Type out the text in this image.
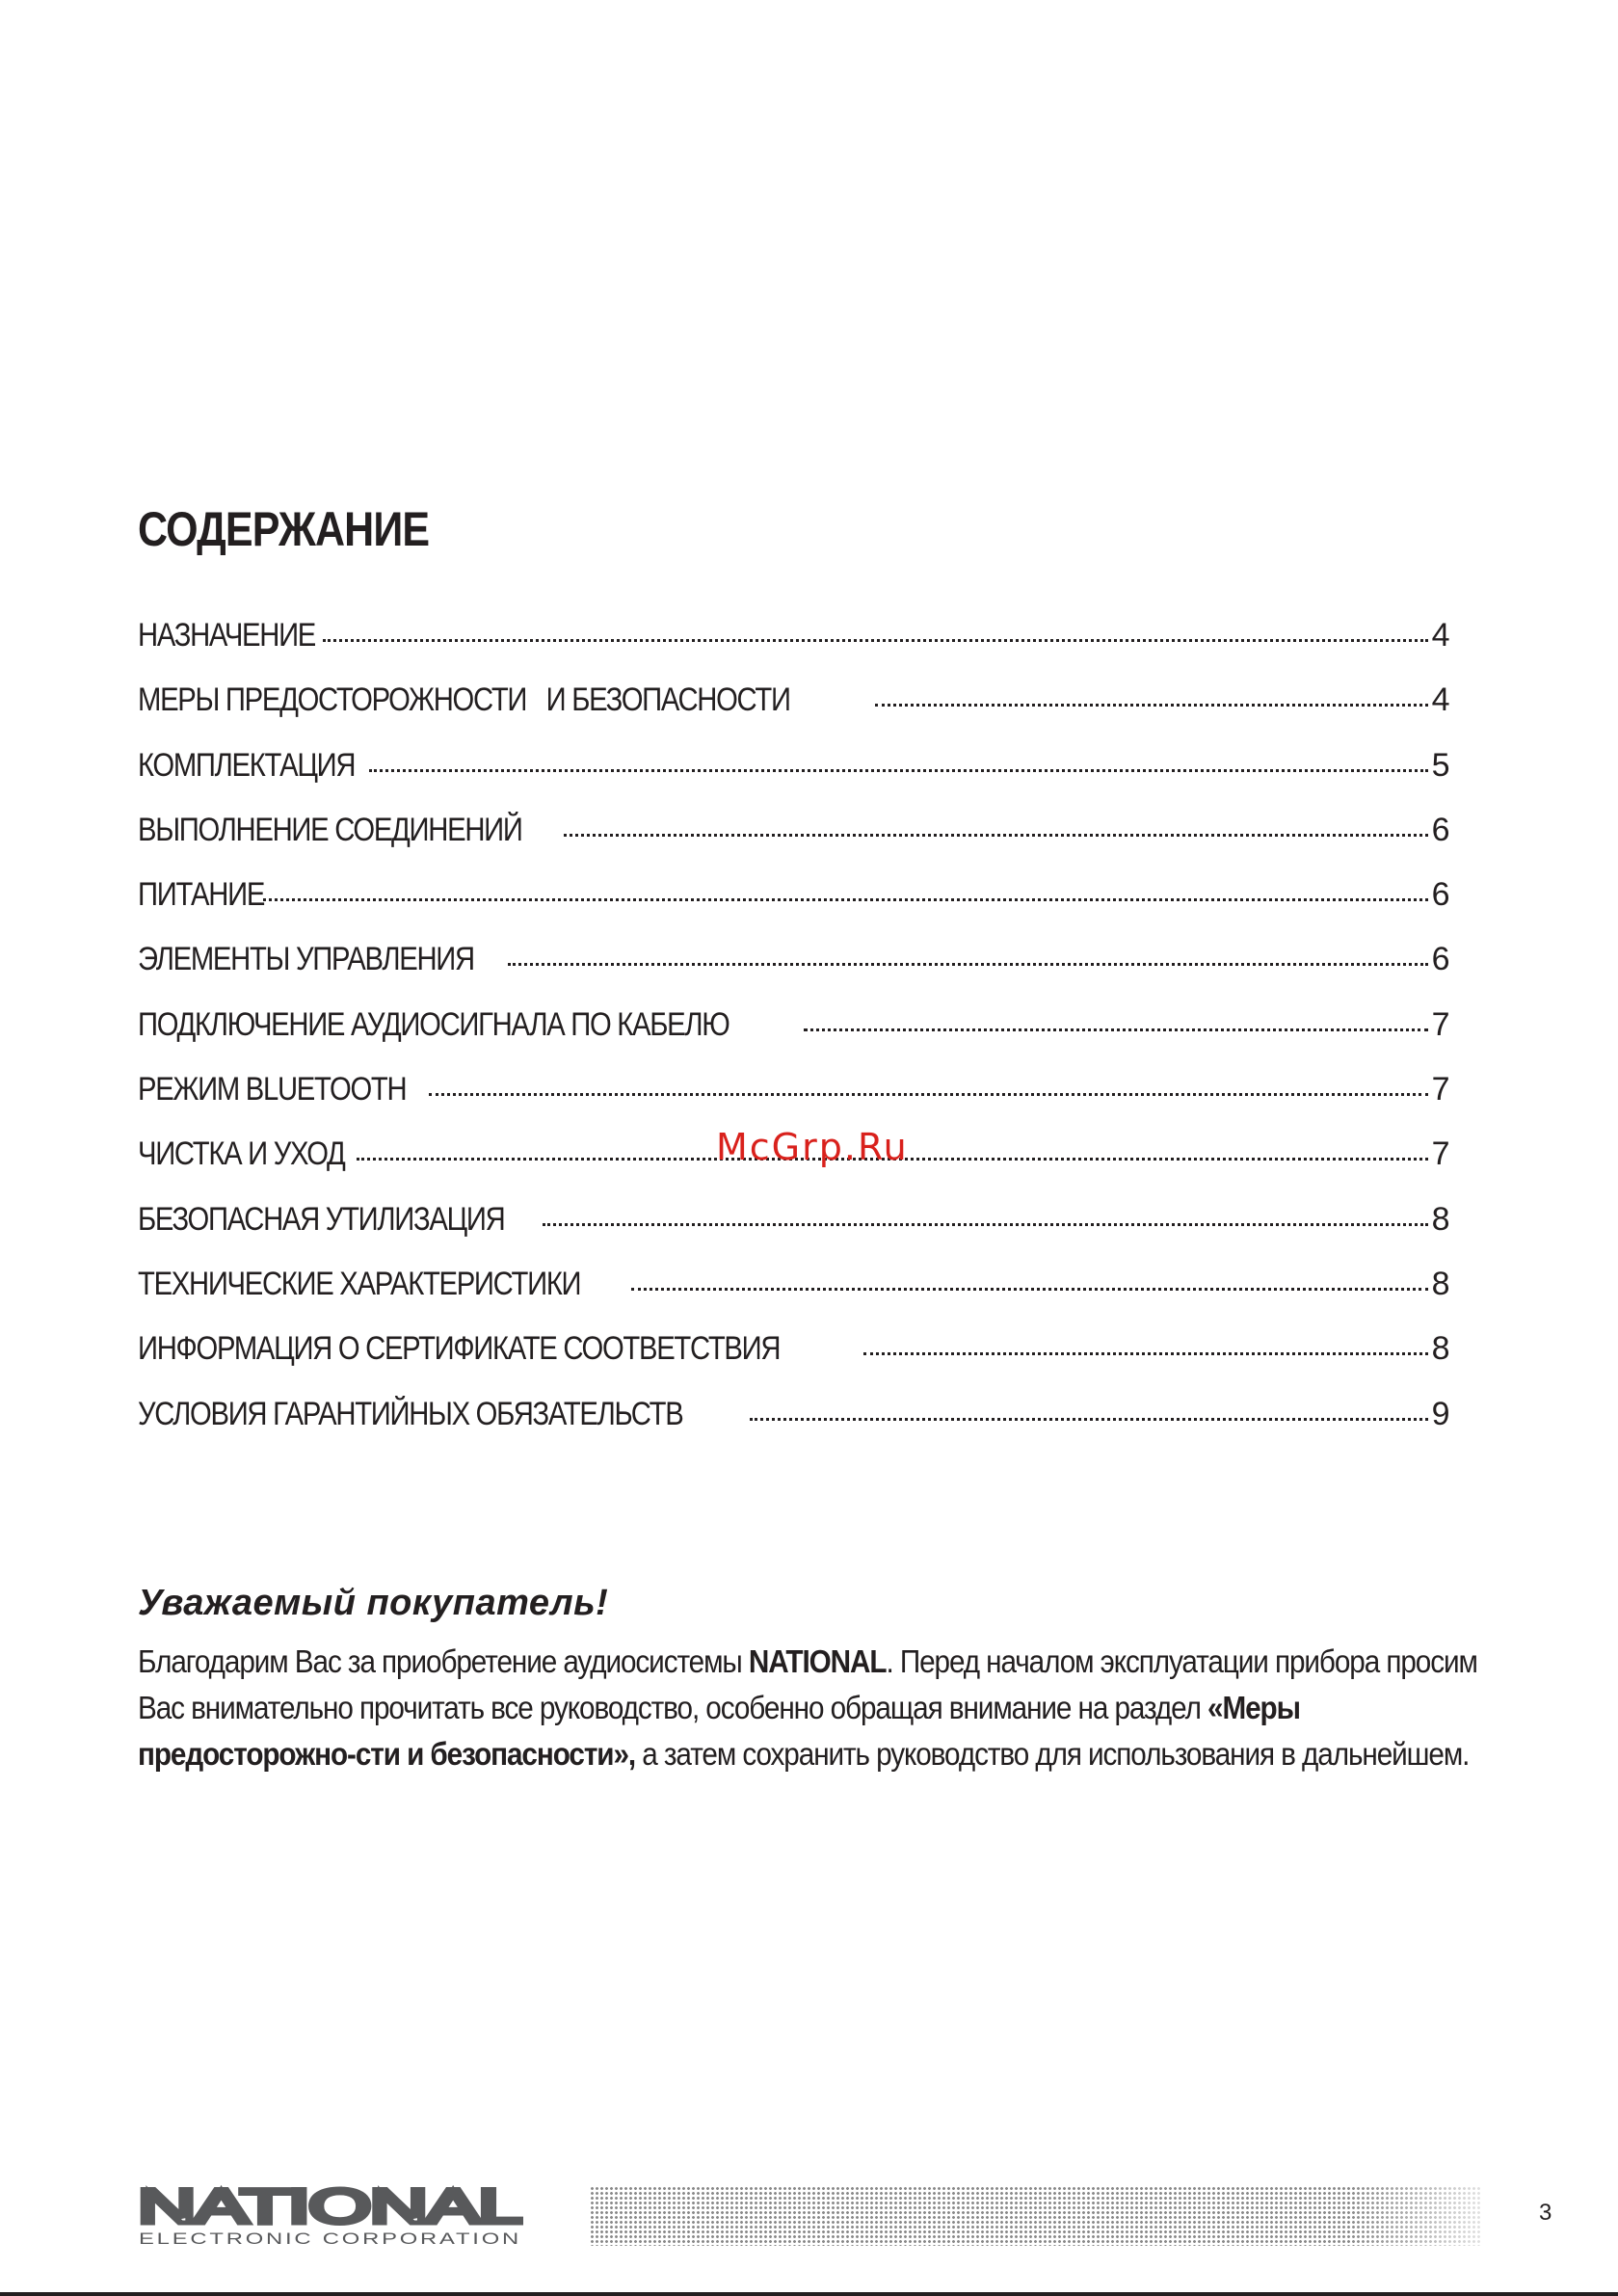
СОДЕРЖАНИЕ
НАЗНАЧЕНИЕ	4
МЕРЫ ПРЕДОСТОРОЖНОСТИ   И БЕЗОПАСНОСТИ	4
КОМПЛЕКТАЦИЯ	5
ВЫПОЛНЕНИЕ СОЕДИНЕНИЙ	6
ПИТАНИЕ	6
ЭЛЕМЕНТЫ УПРАВЛЕНИЯ	6
ПОДКЛЮЧЕНИЕ АУДИОСИГНАЛА ПО КАБЕЛЮ	7
РЕЖИМ BLUETOOTH	7
ЧИСТКА И УХОД	7
БЕЗОПАСНАЯ УТИЛИЗАЦИЯ	8
ТЕХНИЧЕСКИЕ ХАРАКТЕРИСТИКИ	8
ИНФОРМАЦИЯ О СЕРТИФИКАТЕ СООТВЕТСТВИЯ	8
УСЛОВИЯ ГАРАНТИЙНЫХ ОБЯЗАТЕЛЬСТВ	9
McGrp.Ru
Уважаемый покупатель!

Благодарим Вас за приобретение аудиосистемы NATIONAL. Перед началом эксплуатации прибора просим Вас внимательно прочитать все руководство, особенно обращая внимание на раздел «Меры предосторожно-сти и безопасности», а затем сохранить руководство для использования в дальнейшем.

NATIONAL
ELECTRONIC CORPORATION
3
